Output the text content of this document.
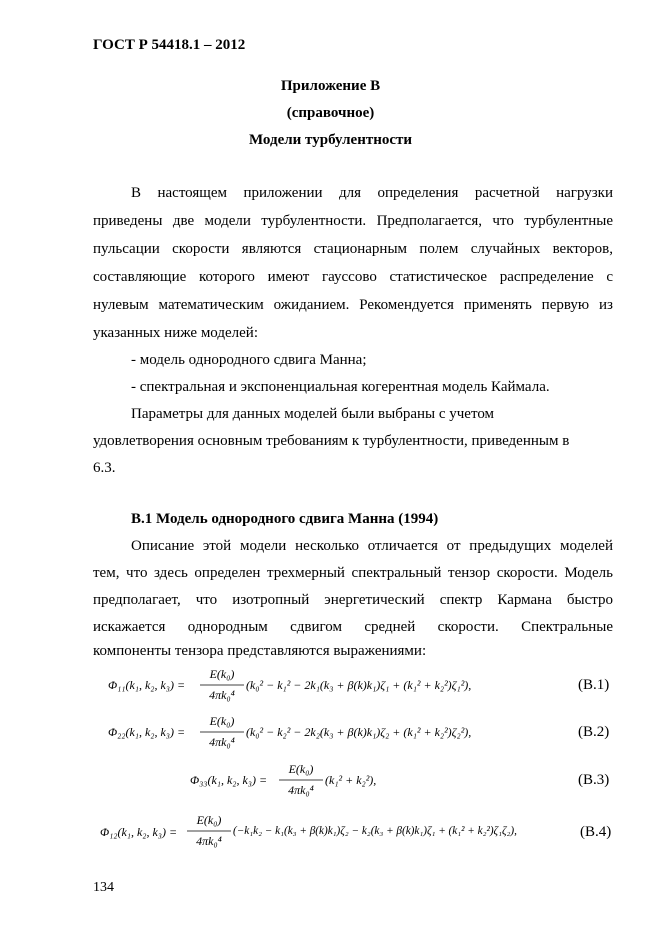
ГОСТ Р 54418.1 – 2012
Приложение В
(справочное)
Модели турбулентности
В настоящем приложении для определения расчетной нагрузки
приведены две модели турбулентности. Предполагается, что турбулентные
пульсации скорости являются стационарным полем случайных векторов,
составляющие которого имеют гауссово статистическое распределение с
нулевым математическим ожиданием. Рекомендуется применять первую из
указанных ниже моделей:
- модель однородного сдвига Манна;
- спектральная и экспоненциальная когерентная модель Каймала.
Параметры для данных моделей были выбраны с учетом
удовлетворения основным требованиям к турбулентности, приведенным в
6.3.
В.1 Модель однородного сдвига Манна (1994)
Описание этой модели несколько отличается от предыдущих моделей
тем, что здесь определен трехмерный спектральный тензор скорости. Модель
предполагает, что изотропный энергетический спектр Кармана быстро
искажается однородным сдвигом средней скорости. Спектральные
компоненты тензора представляются выражениями:
Φ₁₁(k₁, k₂, k₃) =
E(k₀)
4πk₀⁴
(k₀² − k₁² − 2k₁(k₃ + β(k)k₁)ζ₁ + (k₁² + k₂²)ζ₁²),	(В.1)
Φ₂₂(k₁, k₂, k₃) =
E(k₀)
4πk₀⁴
(k₀² − k₂² − 2k₂(k₃ + β(k)k₁)ζ₂ + (k₁² + k₂²)ζ₂²),	(В.2)
Φ₃₃(k₁, k₂, k₃) =
E(k₀)
4πk₀⁴
(k₁² + k₂²),	(В.3)
Φ₁₂(k₁, k₂, k₃) =
E(k₀)
4πk₀⁴
(−k₁k₂ − k₁(k₃ + β(k)k₁)ζ₂ − k₂(k₃ + β(k)k₁)ζ₁ + (k₁² + k₂²)ζ₁ζ₂),	(В.4)
134
